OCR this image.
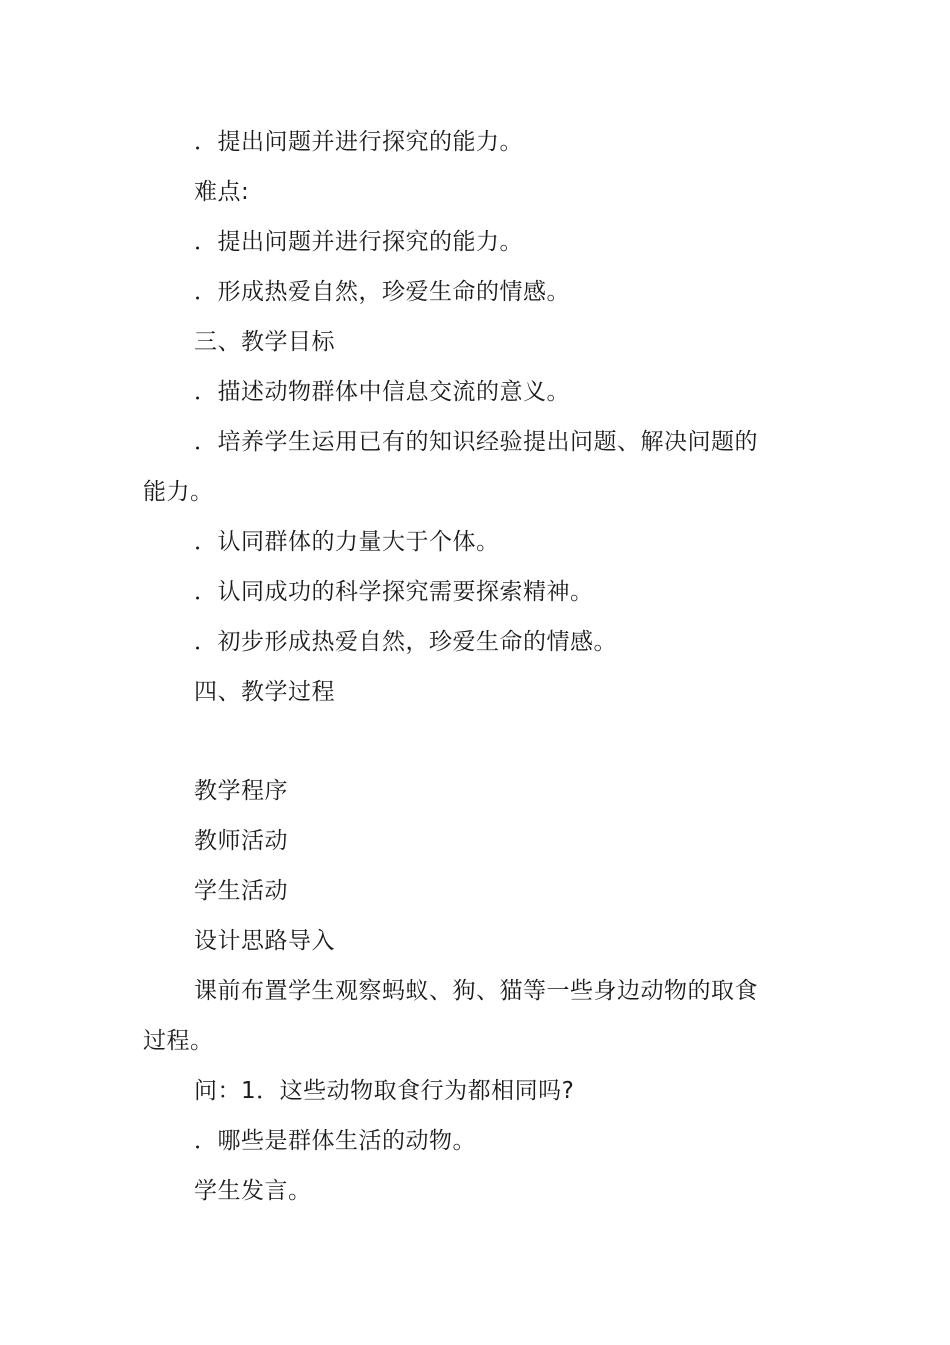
．提出问题并进行探究的能力。
难点:
．提出问题并进行探究的能力。
．形成热爱自然，珍爱生命的情感。
三、教学目标
．描述动物群体中信息交流的意义。
．培养学生运用已有的知识经验提出问题、解决问题的
能力。
．认同群体的力量大于个体。
．认同成功的科学探究需要探索精神。
．初步形成热爱自然，珍爱生命的情感。
四、教学过程
教学程序
教师活动
学生活动
设计思路导入
课前布置学生观察蚂蚁、狗、猫等一些身边动物的取食
过程。
问：1．这些动物取食行为都相同吗?
．哪些是群体生活的动物。
学生发言。
